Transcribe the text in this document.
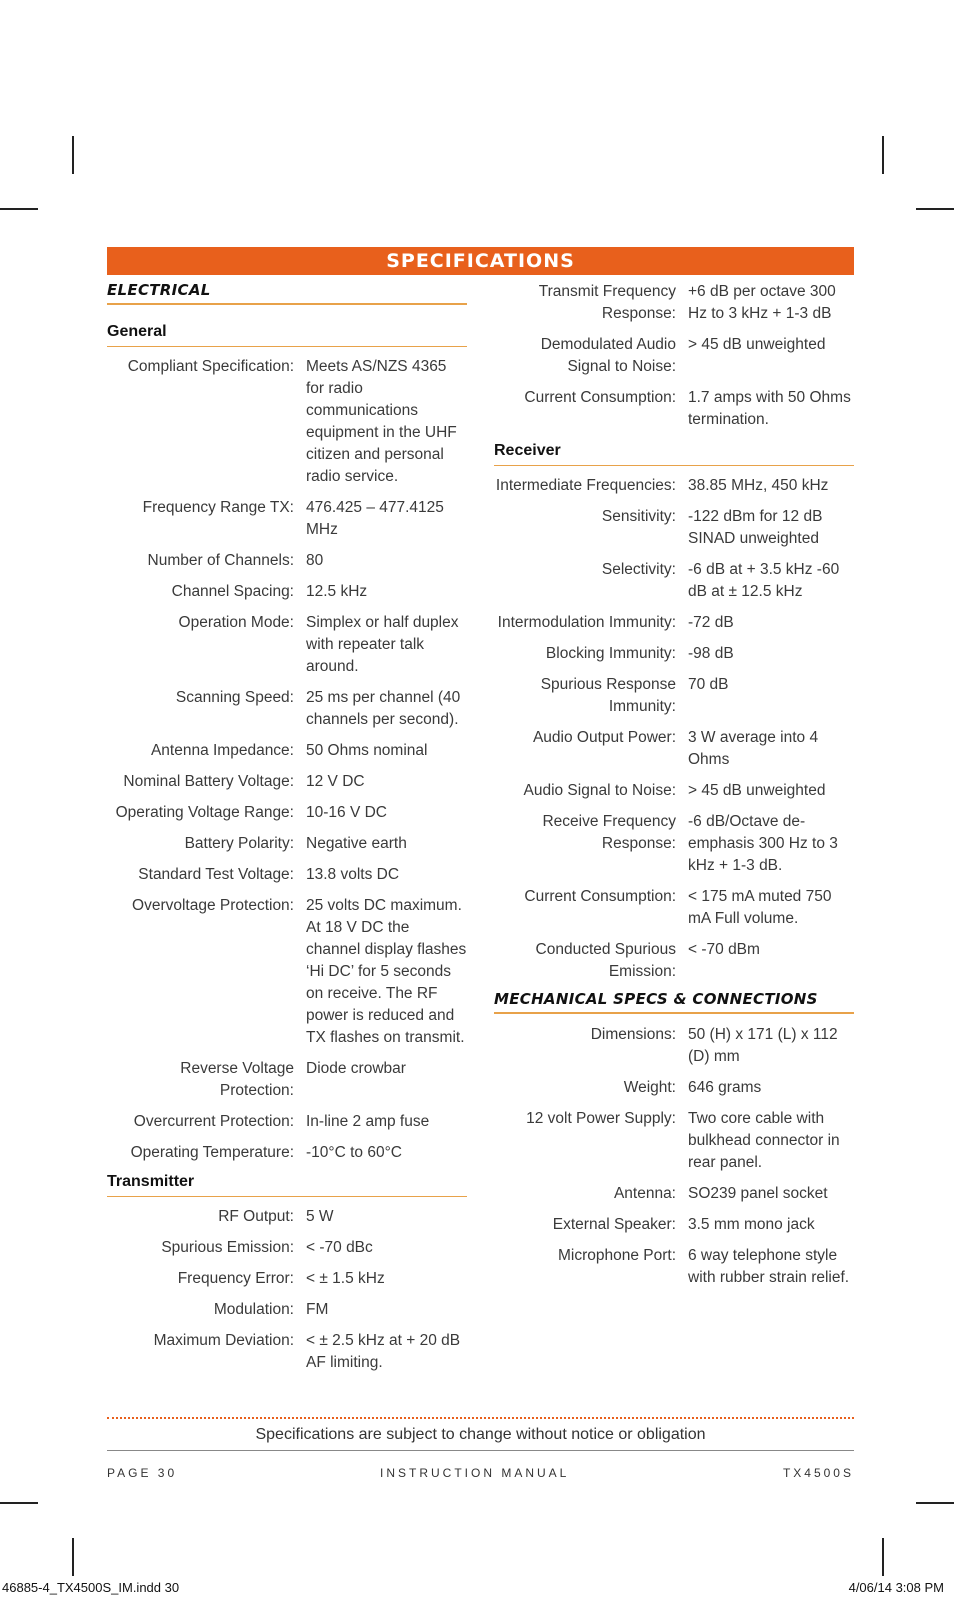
SPECIFICATIONS
ELECTRICAL
General
Compliant Specification: Meets AS/NZS 4365 for radio communications equipment in the UHF citizen and personal radio service.
Frequency Range TX: 476.425 – 477.4125 MHz
Number of Channels: 80
Channel Spacing: 12.5 kHz
Operation Mode: Simplex or half duplex with repeater talk around.
Scanning Speed: 25 ms per channel (40 channels per second).
Antenna Impedance: 50 Ohms nominal
Nominal Battery Voltage: 12 V DC
Operating Voltage Range: 10-16 V DC
Battery Polarity: Negative earth
Standard Test Voltage: 13.8 volts DC
Overvoltage Protection: 25 volts DC maximum. At 18 V DC the channel display flashes ‘Hi DC’ for 5 seconds on receive. The RF power is reduced and TX flashes on transmit.
Reverse Voltage Protection:
Diode crowbar
Overcurrent Protection: In-line 2 amp fuse
Operating Temperature: -10°C to 60°C
Transmitter
RF Output: 5 W
Spurious Emission: < -70 dBc
Frequency Error: < ± 1.5 kHz
Modulation: FM
Maximum Deviation: < ± 2.5 kHz at + 20 dB AF limiting.
Transmit Frequency Response:
+6 dB per octave 300 Hz to 3 kHz + 1-3 dB
Demodulated Audio Signal to Noise:
> 45 dB unweighted
Current Consumption: 1.7 amps with 50 Ohms termination.
Receiver
Intermediate Frequencies: 38.85 MHz, 450 kHz
Sensitivity: -122 dBm for 12 dB SINAD unweighted
Selectivity: -6 dB at + 3.5 kHz -60 dB at ± 12.5 kHz
Intermodulation Immunity: -72 dB
Blocking Immunity: -98 dB
Spurious Response Immunity:
70 dB
Audio Output Power: 3 W average into 4 Ohms
Audio Signal to Noise: > 45 dB unweighted
Receive Frequency Response:
-6 dB/Octave de-emphasis 300 Hz to 3 kHz + 1-3 dB.
Current Consumption: < 175 mA muted 750 mA Full volume.
Conducted Spurious Emission:
< -70 dBm
MECHANICAL SPECS & CONNECTIONS
Dimensions: 50 (H) x 171 (L) x 112 (D) mm
Weight: 646 grams
12 volt Power Supply: Two core cable with bulkhead connector in rear panel.
Antenna: SO239 panel socket
External Speaker: 3.5 mm mono jack
Microphone Port: 6 way telephone style with rubber strain relief.
Specifications are subject to change without notice or obligation
PAGE 30	INSTRUCTION MANUAL	TX4500S
46885-4_TX4500S_IM.indd 30	4/06/14 3:08 PM
